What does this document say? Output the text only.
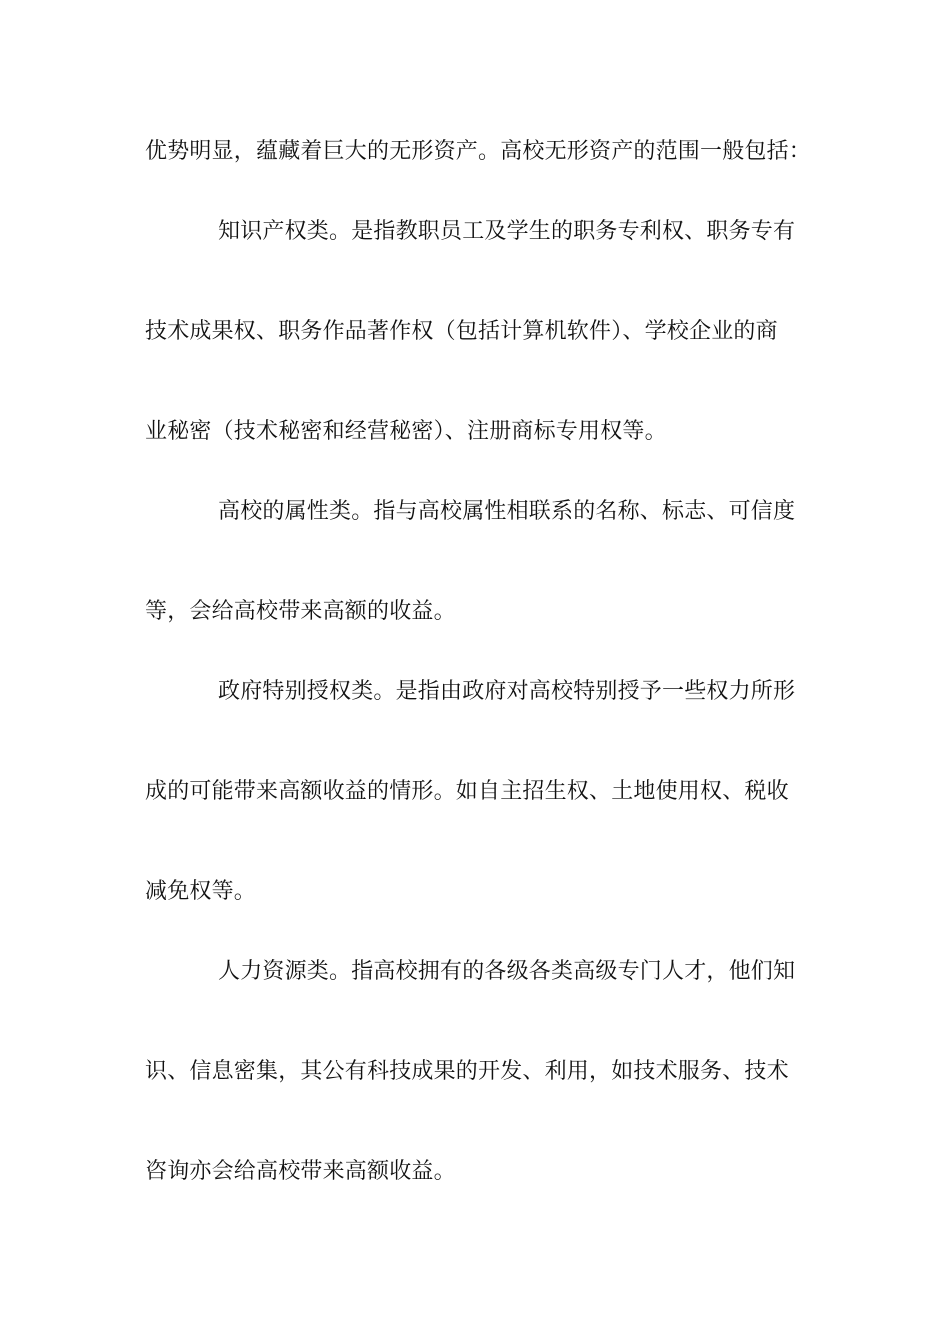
优势明显，蕴藏着巨大的无形资产。高校无形资产的范围一般包括：
知识产权类。是指教职员工及学生的职务专利权、职务专有
技术成果权、职务作品著作权（包括计算机软件）、学校企业的商
业秘密（技术秘密和经营秘密）、注册商标专用权等。
高校的属性类。指与高校属性相联系的名称、标志、可信度
等，会给高校带来高额的收益。
政府特别授权类。是指由政府对高校特别授予一些权力所形
成的可能带来高额收益的情形。如自主招生权、土地使用权、税收
减免权等。
人力资源类。指高校拥有的各级各类高级专门人才，他们知
识、信息密集，其公有科技成果的开发、利用，如技术服务、技术
咨询亦会给高校带来高额收益。
